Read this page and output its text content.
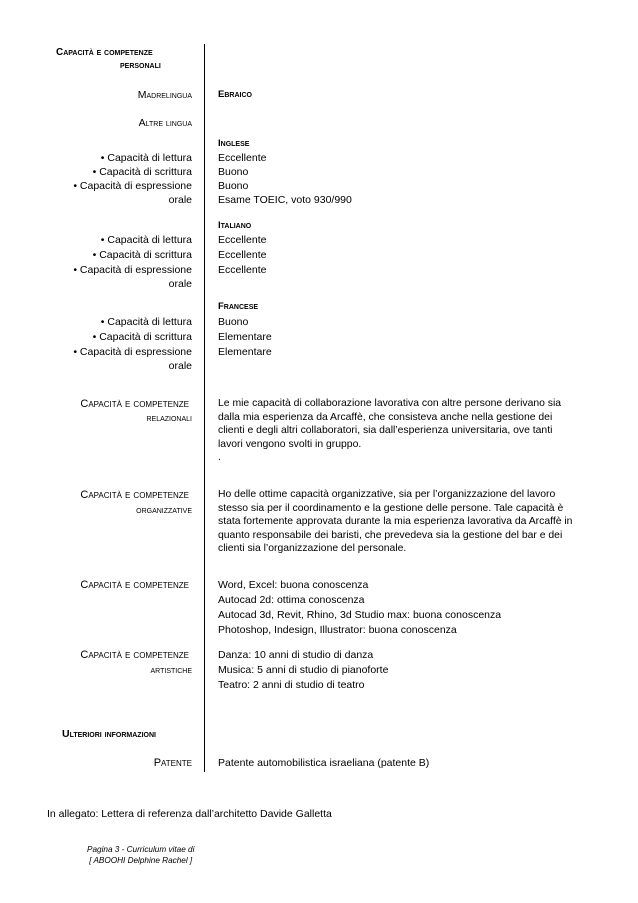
Capacità e competenze
personali
Madrelingua	Ebraico
Altre lingua
Inglese
• Capacità di lettura Eccellente
• Capacità di scrittura Buono
• Capacità di espressione
orale
Buono
Esame TOEIC, voto 930/990
Italiano
• Capacità di lettura Eccellente
• Capacità di scrittura Eccellente
• Capacità di espressione
orale
Eccellente
Francese
• Capacità di lettura Buono
• Capacità di scrittura Elementare
• Capacità di espressione
orale
Elementare
Capacità e competenze
relazionali
Le mie capacità di collaborazione lavorativa con altre persone derivano sia dalla mia esperienza da Arcaffè, che consisteva anche nella gestione dei clienti e degli altri collaboratori, sia dall’esperienza universitaria, ove tanti lavori vengono svolti in gruppo.
.
Capacità e competenze
organizzative
Ho delle ottime capacità organizzative, sia per l’organizzazione del lavoro stesso sia per il coordinamento e la gestione delle persone. Tale capacità è stata fortemente approvata durante la mia esperienza lavorativa da Arcaffè in quanto responsabile dei baristi, che prevedeva sia la gestione del bar e dei clienti sia l’organizzazione del personale.
Capacità e competenze	Word, Excel: buona conoscenza
Autocad 2d: ottima conoscenza
Autocad 3d, Revit, Rhino, 3d Studio max: buona conoscenza
Photoshop, Indesign, Illustrator: buona conoscenza
Capacità e competenze
artistiche
Danza: 10 anni di studio di danza
Musica: 5 anni di studio di pianoforte
Teatro: 2 anni di studio di teatro
Ulteriori informazioni
Patente Patente automobilistica israeliana (patente B)
In allegato: Lettera di referenza dall’architetto Davide Galletta
Pagina 3 - Curriculum vitae di
[ ABOOHI Delphine Rachel ]
